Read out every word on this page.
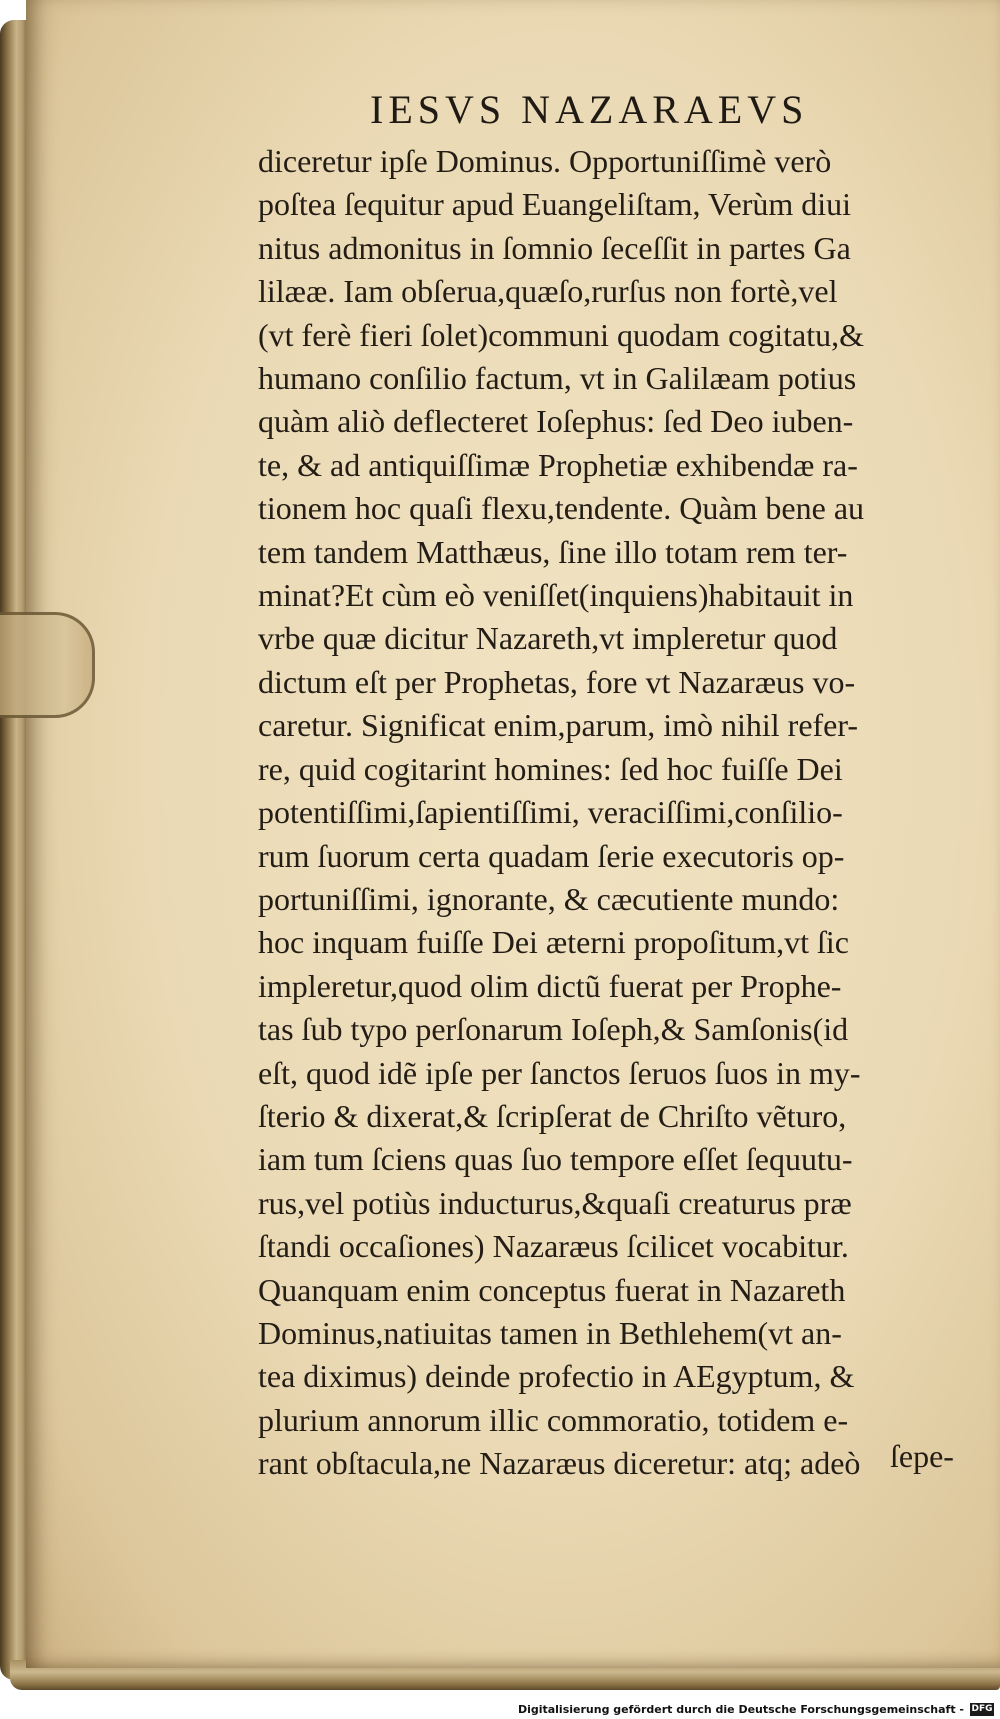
IESVS NAZARAEVS
diceretur ipſe Dominus. Opportuniſſimè verò
poſtea ſequitur apud Euangeliſtam, Verùm diui
nitus admonitus in ſomnio ſeceſſit in partes Ga
lilææ. Iam obſerua,quæſo,rurſus non fortè,vel
(vt ferè fieri ſolet)communi quodam cogitatu,&
humano conſilio factum, vt in Galilæam potius
quàm aliò deflecteret Ioſephus: ſed Deo iuben-
te, & ad antiquiſſimæ Prophetiæ exhibendæ ra-
tionem hoc quaſi flexu,tendente. Quàm bene au
tem tandem Matthæus, ſine illo totam rem ter-
minat?Et cùm eò veniſſet(inquiens)habitauit in
vrbe quæ dicitur Nazareth,vt impleretur quod
dictum eſt per Prophetas, fore vt Nazaræus vo-
caretur. Significat enim,parum, imò nihil refer-
re, quid cogitarint homines: ſed hoc fuiſſe Dei
potentiſſimi,ſapientiſſimi, veraciſſimi,conſilio-
rum ſuorum certa quadam ſerie executoris op-
portuniſſimi, ignorante, & cæcutiente mundo:
hoc inquam fuiſſe Dei æterni propoſitum,vt ſic
impleretur,quod olim dictũ fuerat per Prophe-
tas ſub typo perſonarum Ioſeph,& Samſonis(id
eſt, quod idẽ ipſe per ſanctos ſeruos ſuos in my-
ſterio & dixerat,& ſcripſerat de Chriſto vẽturo,
iam tum ſciens quas ſuo tempore eſſet ſequutu-
rus,vel potiùs inducturus,&quaſi creaturus præ
ſtandi occaſiones) Nazaræus ſcilicet vocabitur.
Quanquam enim conceptus fuerat in Nazareth
Dominus,natiuitas tamen in Bethlehem(vt an-
tea diximus) deinde profectio in AEgyptum, &
plurium annorum illic commoratio, totidem e-
rant obſtacula,ne Nazaræus diceretur: atq; adeò ſepe-
Digitalisierung gefördert durch die Deutsche Forschungsgemeinschaft - DFG
